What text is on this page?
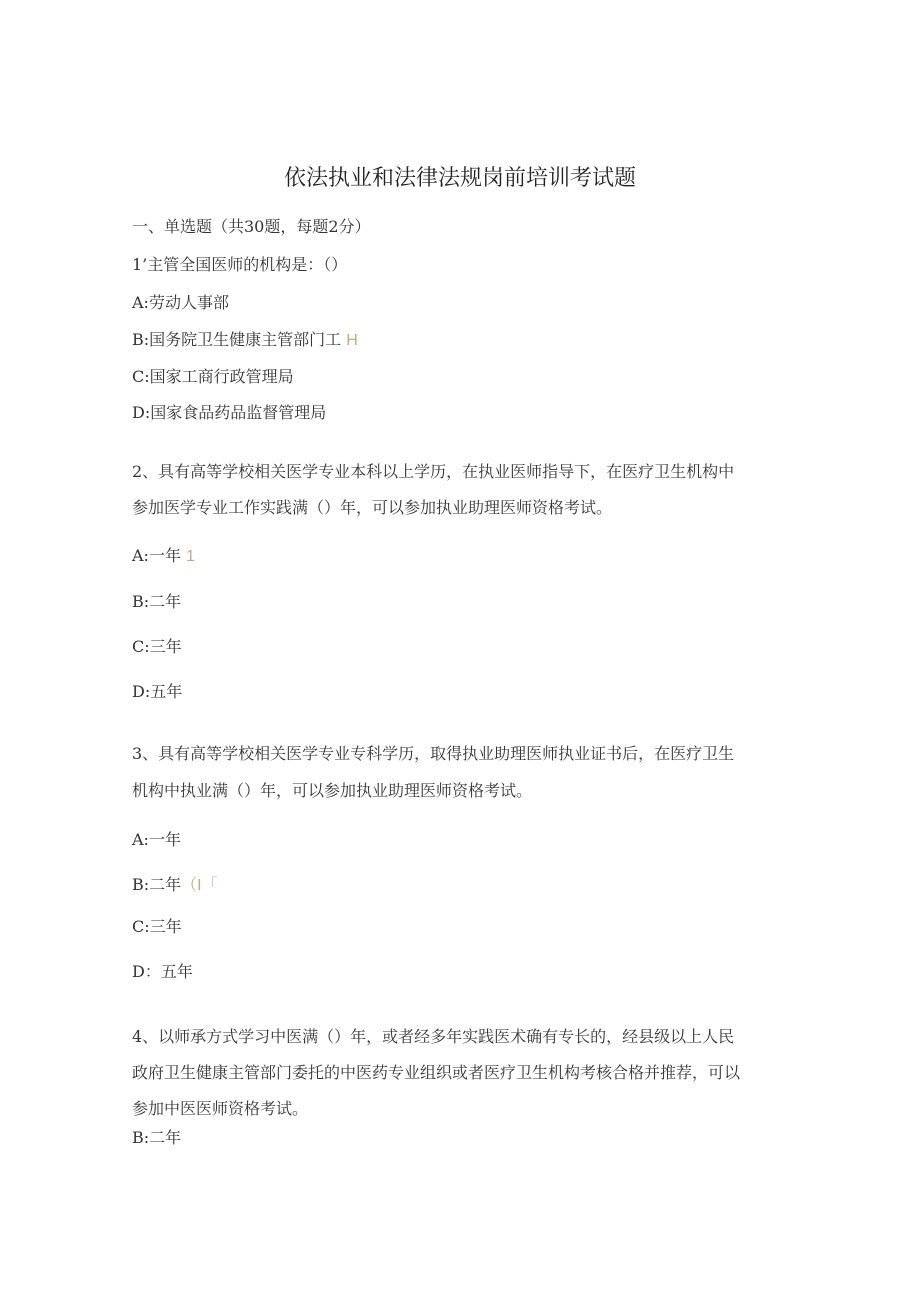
依法执业和法律法规岗前培训考试题
一、单选题（共30题，每题2分）
1’主管全国医师的机构是：（）
A:劳动人事部
B:国务院卫生健康主管部门工 H
C:国家工商行政管理局
D:国家食品药品监督管理局
2、具有高等学校相关医学专业本科以上学历，在执业医师指导下，在医疗卫生机构中
参加医学专业工作实践满（）年，可以参加执业助理医师资格考试。
A:一年 1
B:二年
C:三年
D:五年
3、具有高等学校相关医学专业专科学历，取得执业助理医师执业证书后，在医疗卫生
机构中执业满（）年，可以参加执业助理医师资格考试。
A:一年
B:二年（I「
C:三年
D：五年
4、以师承方式学习中医满（）年，或者经多年实践医术确有专长的，经县级以上人民
政府卫生健康主管部门委托的中医药专业组织或者医疗卫生机构考核合格并推荐，可以
参加中医医师资格考试。
B:二年
